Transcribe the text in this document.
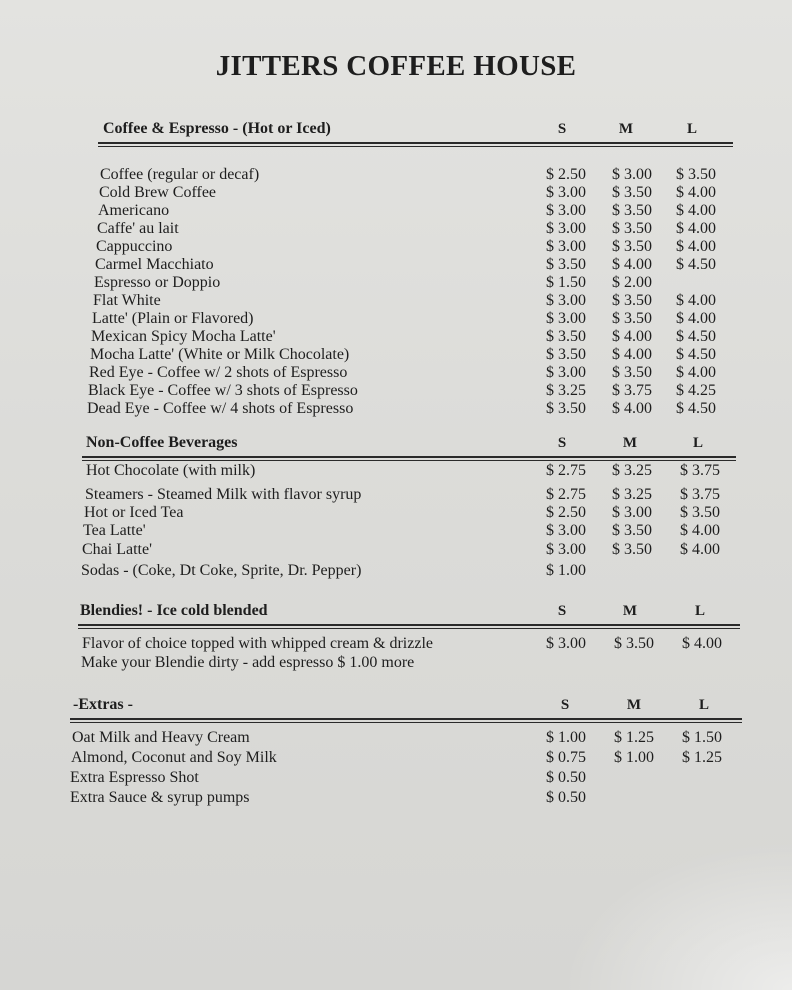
JITTERS COFFEE HOUSE
Coffee & Espresso - (Hot or Iced)	S	M	L
Coffee (regular or decaf)	$ 2.50 $ 3.00 $ 3.50
Cold Brew Coffee	$ 3.00 $ 3.50 $ 4.00
Americano	$ 3.00 $ 3.50 $ 4.00
Caffe' au lait	$ 3.00 $ 3.50 $ 4.00
Cappuccino	$ 3.00 $ 3.50 $ 4.00
Carmel Macchiato	$ 3.50 $ 4.00 $ 4.50
Espresso or Doppio	$ 1.50 $ 2.00
Flat White	$ 3.00 $ 3.50 $ 4.00
Latte' (Plain or Flavored)	$ 3.00 $ 3.50 $ 4.00
Mexican Spicy Mocha Latte'	$ 3.50 $ 4.00 $ 4.50
Mocha Latte' (White or Milk Chocolate)	$ 3.50 $ 4.00 $ 4.50
Red Eye - Coffee w/ 2 shots of Espresso	$ 3.00 $ 3.50 $ 4.00
Black Eye - Coffee w/ 3 shots of Espresso	$ 3.25 $ 3.75 $ 4.25
Dead Eye - Coffee w/ 4 shots of Espresso	$ 3.50 $ 4.00 $ 4.50
Non-Coffee Beverages	S	M	L
Hot Chocolate (with milk)	$ 2.75 $ 3.25 $ 3.75
Steamers - Steamed Milk with flavor syrup	$ 2.75 $ 3.25 $ 3.75
Hot or Iced Tea	$ 2.50 $ 3.00 $ 3.50
Tea Latte'	$ 3.00 $ 3.50 $ 4.00
Chai Latte'	$ 3.00 $ 3.50 $ 4.00
Sodas - (Coke, Dt Coke, Sprite, Dr. Pepper)	$ 1.00
Blendies! - Ice cold blended	S	M	L
Flavor of choice topped with whipped cream & drizzle	$ 3.00 $ 3.50 $ 4.00
Make your Blendie dirty - add espresso $ 1.00 more
-Extras -	S	M	L
Oat Milk and Heavy Cream	$ 1.00 $ 1.25 $ 1.50
Almond, Coconut and Soy Milk	$ 0.75 $ 1.00 $ 1.25
Extra Espresso Shot	$ 0.50
Extra Sauce & syrup pumps	$ 0.50
